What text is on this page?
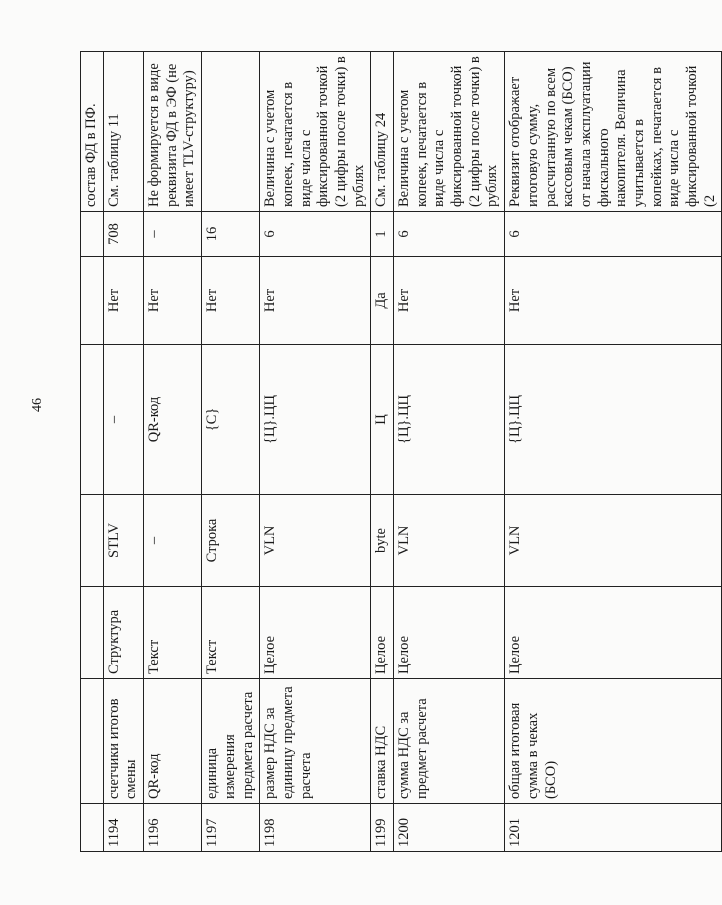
46
							состав ФД в ПФ.
1194	счетчики итогов смены	Структура	STLV	–	Нет	708	См. таблицу 11
1196	QR-код	Текст	–	QR-код	Нет	–	Не формируется в виде реквизита ФД в ЭФ (не имеет TLV-структуру)
1197	единица измерения предмета расчета	Текст	Строка	{С}	Нет	16	
1198	размер НДС за единицу предмета расчета	Целое	VLN	{Ц}.ЦЦ	Нет	6	Величина с учетом копеек, печатается в виде числа с фиксированной точкой (2 цифры после точки) в рублях
1199	ставка НДС	Целое	byte	Ц	Да	1	См. таблицу 24
1200	сумма НДС за предмет расчета	Целое	VLN	{Ц}.ЦЦ	Нет	6	Величина с учетом копеек, печатается в виде числа с фиксированной точкой (2 цифры после точки) в рублях
1201	общая итоговая сумма в чеках (БСО)	Целое	VLN	{Ц}.ЦЦ	Нет	6	Реквизит отображает итоговую сумму, рассчитанную по всем кассовым чекам (БСО) от начала эксплуатации фискального накопителя. Величина учитывается в копейках, печатается в виде числа с фиксированной точкой (2
